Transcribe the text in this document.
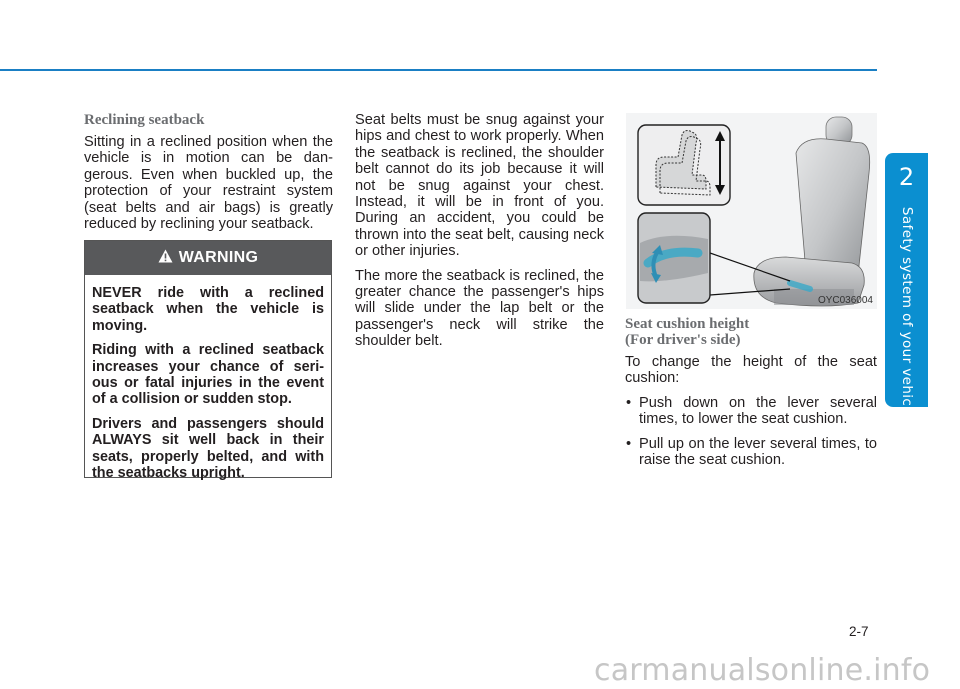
2
Safety system of your vehicle
Reclining seatback

Sitting in a reclined position when the vehicle is in motion can be dan-gerous. Even when buckled up, the protection of your restraint system (seat belts and air bags) is greatly reduced by reclining your seatback.

WARNING

NEVER ride with a reclined seatback when the vehicle is moving.

Riding with a reclined seatback increases your chance of seri-ous or fatal injuries in the event of a collision or sudden stop.

Drivers and passengers should ALWAYS sit well back in their seats, properly belted, and with the seatbacks upright.

Seat belts must be snug against your hips and chest to work properly. When the seatback is reclined, the shoulder belt cannot do its job because it will not be snug against your chest. Instead, it will be in front of you. During an accident, you could be thrown into the seat belt, causing neck or other injuries.

The more the seatback is reclined, the greater chance the passenger's hips will slide under the lap belt or the passenger's neck will strike the shoulder belt.

OYC036004
Seat cushion height
(For driver's side)

To change the height of the seat cushion:

• Push down on the lever several times, to lower the seat cushion.
• Pull up on the lever several times, to raise the seat cushion.
2-7
carmanualsonline.info
